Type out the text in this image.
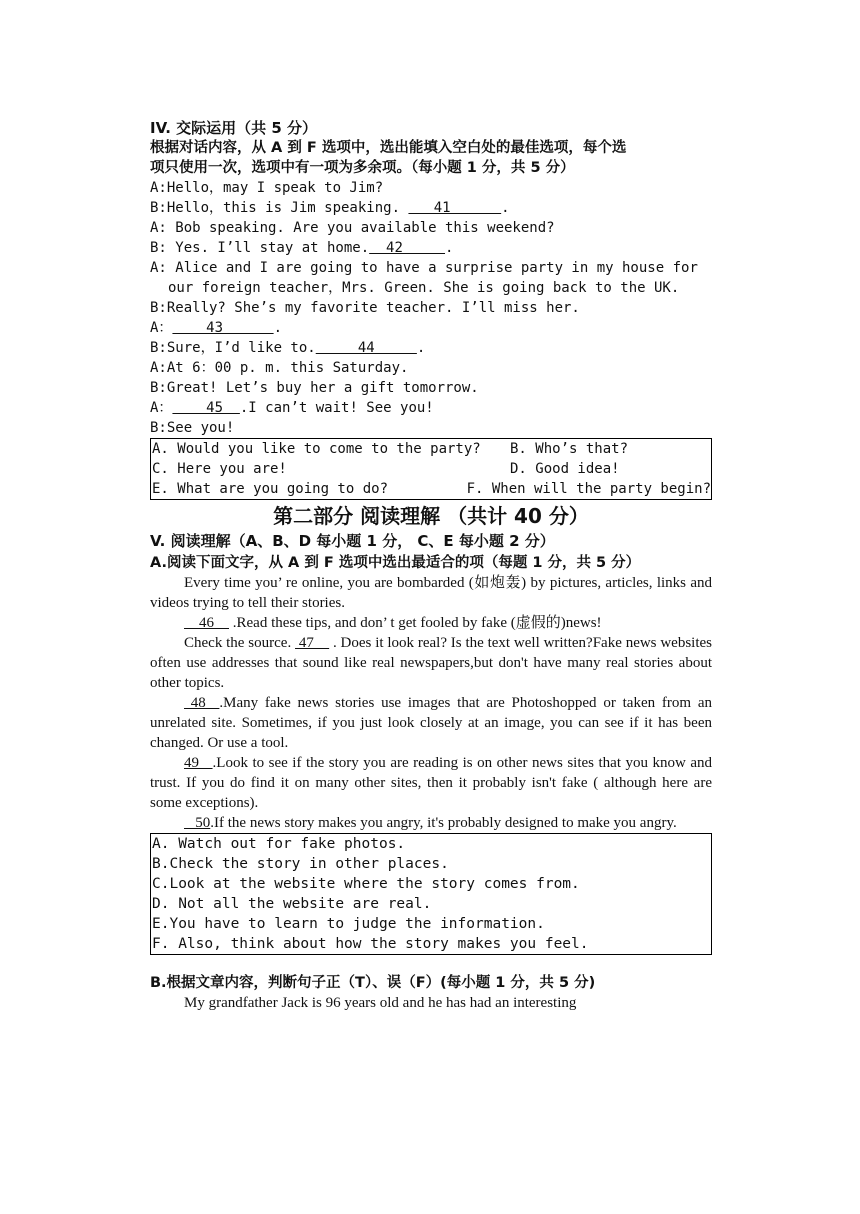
IV. 交际运用（共 5 分）
根据对话内容，从 A 到 F 选项中，选出能填入空白处的最佳选项，每个选
项只使用一次，选项中有一项为多余项。（每小题 1 分，共 5 分）
A:Hello，may I speak to Jim?
B:Hello，this is Jim speaking.    41      .
A: Bob speaking. Are you available this weekend?
B: Yes. I’ll stay at home.  42     .
A: Alice and I are going to have a surprise party in my house for
our foreign teacher，Mrs. Green. She is going back to the UK.
B:Really? She’s my favorite teacher. I’ll miss her.
A：    43      .
B:Sure，I’d like to.     44     .
A:At 6：00 p. m. this Saturday.
B:Great! Let’s buy her a gift tomorrow.
A：    45  .I can’t wait! See you!
B:See you!
A. Would you like to come to the party?	B. Who’s that?
C. Here you are!	D. Good idea!
E. What are you going to do?	F. When will the party begin?
第二部分 阅读理解 （共计 40 分）
V. 阅读理解（A、B、D 每小题 1 分， C、E 每小题 2 分）
A.阅读下面文字，从 A 到 F 选项中选出最适合的项（每题 1 分，共 5 分）
Every time you’ re online, you are bombarded (如炮轰) by pictures, articles, links and videos trying to tell their stories.
46     .Read these tips, and don’ t get fooled by fake (虚假的)news!
Check the source.  47     . Does it look real? Is the text well written?Fake news websites often use addresses that sound like real newspapers,but don't have many real stories about other topics.
48  .Many fake news stories use images that are Photoshopped or taken from an unrelated site. Sometimes, if you just look closely at an image, you can see if it has been changed. Or use a tool.
49   .Look to see if the story you are reading is on other news sites that you know and trust. If you do find it on many other sites, then it probably isn't fake ( although here are some exceptions).
50.If the news story makes you angry, it's probably designed to make you angry.
A. Watch out for fake photos.
B.Check the story in other places.
C.Look at the website where the story comes from.
D. Not all the website are real.
E.You have to learn to judge the information.
F. Also, think about how the story makes you feel.
B.根据文章内容，判断句子正（T）、误（F）(每小题 1 分，共 5 分)
My grandfather Jack is 96 years old and he has had an interesting
